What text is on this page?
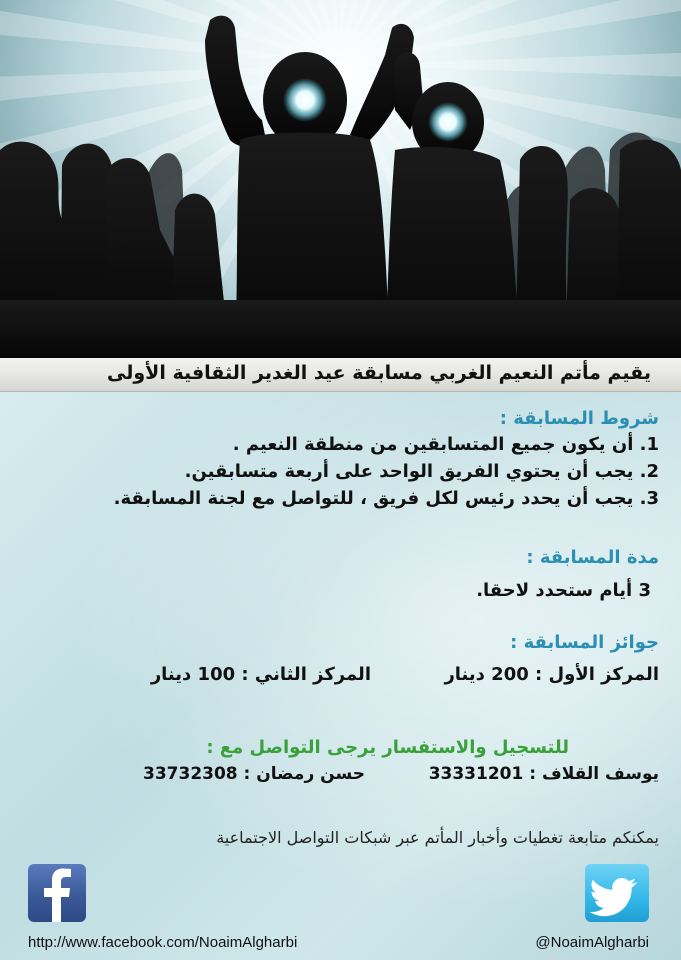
يقيم مأتم النعيم الغربي مسابقة عيد الغدير الثقافية الأولى
شروط المسابقة :
1. أن يكون جميع المتسابقين من منطقة النعيم .
2. يجب أن يحتوي الفريق الواحد على أربعة متسابقين.
3. يجب أن يحدد رئيس لكل فريق ، للتواصل مع لجنة المسابقة.
مدة المسابقة :
3 أيام ستحدد لاحقا.
جوائز المسابقة :
المركز الأول : 200 دينار
المركز الثاني : 100 دينار
للتسجيل والاستفسار يرجى التواصل مع :
يوسف القلاف : 33331201
حسن رمضان : 33732308
يمكنكم متابعة تغطيات وأخبار المأتم عبر شبكات التواصل الاجتماعية
http://www.facebook.com/NoaimAlgharbi	@NoaimAlgharbi
